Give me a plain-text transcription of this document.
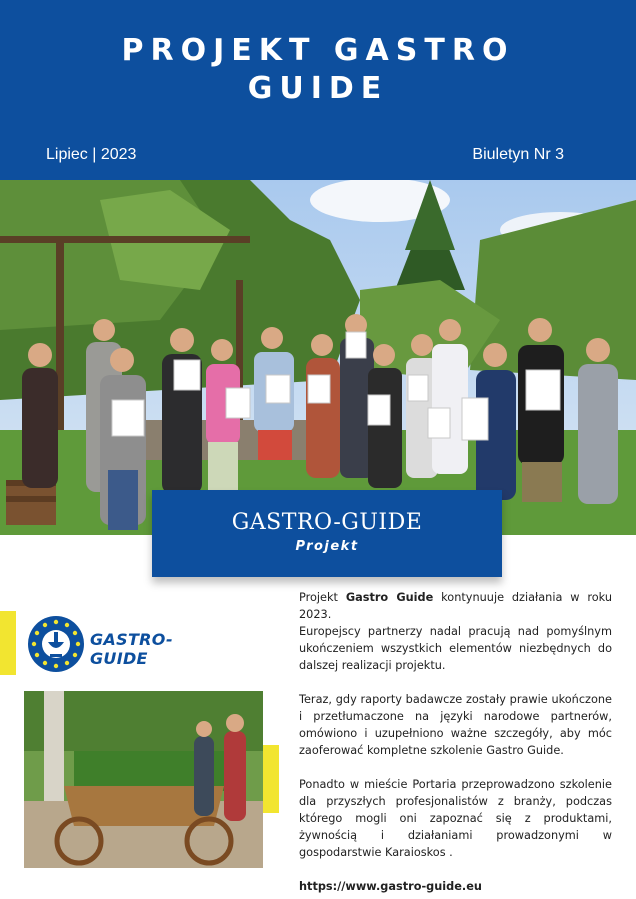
PROJEKT GASTRO
GUIDE
Lipiec | 2023	Biuletyn Nr 3
GASTRO-GUIDE
Projekt
GASTRO-GUIDE

Projekt Gastro Guide kontynuuje działania w roku 2023.
Europejscy partnerzy nadal pracują nad pomyślnym ukończeniem wszystkich elementów niezbędnych do dalszej realizacji projektu.

Teraz, gdy raporty badawcze zostały prawie ukończone i przetłumaczone na języki narodowe partnerów, omówiono i uzupełniono ważne szczegóły, aby móc zaoferować kompletne szkolenie Gastro Guide.

Ponadto w mieście Portaria przeprowadzono szkolenie dla przyszłych profesjonalistów z branży, podczas którego mogli oni zapoznać się z produktami, żywnością i działaniami prowadzonymi w gospodarstwie Karaioskos .

https://www.gastro-guide.eu
